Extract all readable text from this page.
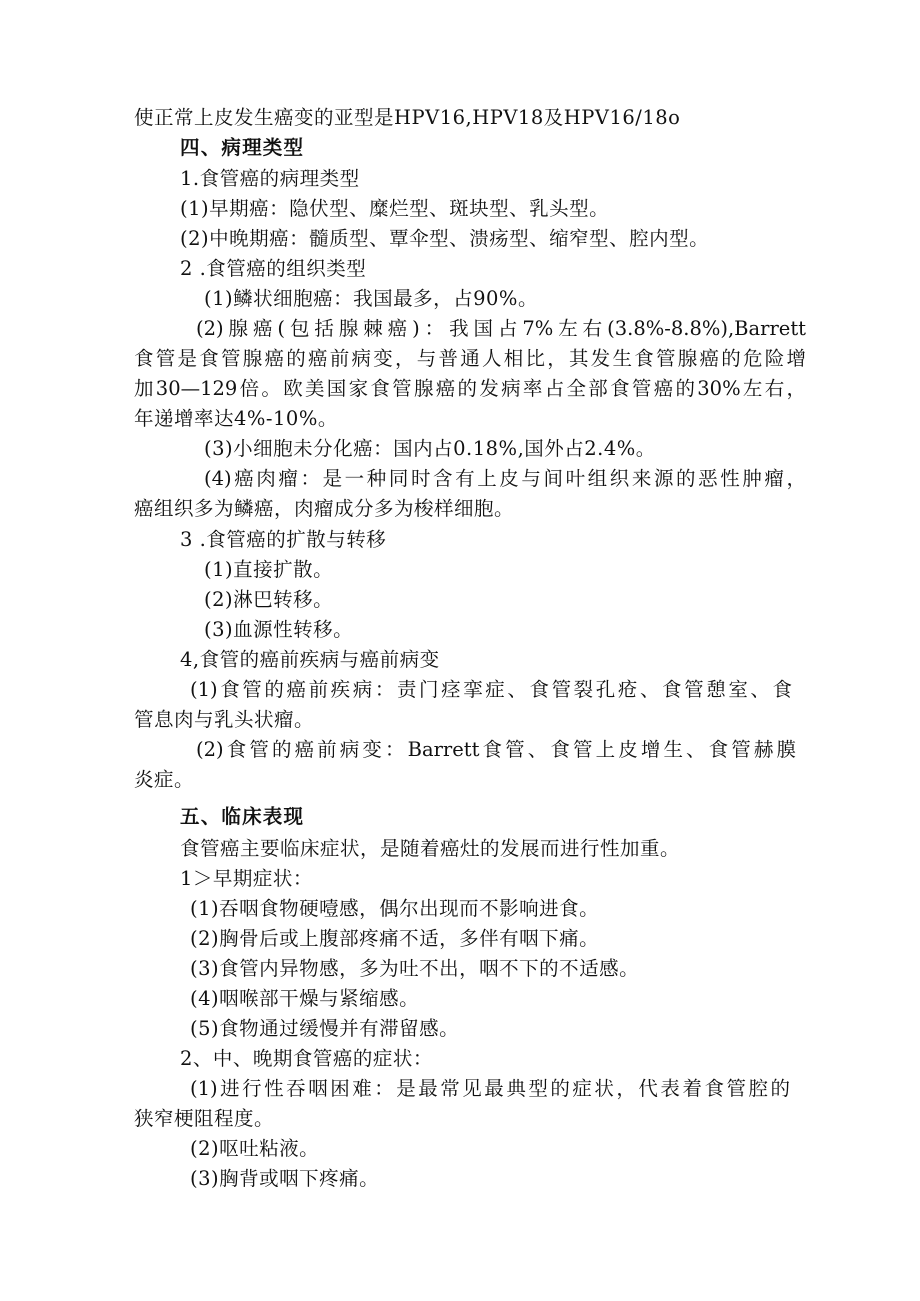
使正常上皮发生癌变的亚型是HPV16,HPV18及HPV16/18o
四、病理类型
1.食管癌的病理类型
(1)早期癌：隐伏型、糜烂型、斑块型、乳头型。
(2)中晚期癌：髓质型、覃伞型、溃疡型、缩窄型、腔内型。
2 .食管癌的组织类型
(1)鳞状细胞癌：我国最多，占90%。
(2)腺癌(包括腺棘癌)：我国占7%左右(3.8%-8.8%),Barrett
食管是食管腺癌的癌前病变，与普通人相比，其发生食管腺癌的危险增
加30—129倍。欧美国家食管腺癌的发病率占全部食管癌的30%左右，
年递增率达4%-10%。
(3)小细胞未分化癌：国内占0.18%,国外占2.4%。
(4)癌肉瘤：是一种同时含有上皮与间叶组织来源的恶性肿瘤，
癌组织多为鳞癌，肉瘤成分多为梭样细胞。
3 .食管癌的扩散与转移
(1)直接扩散。
(2)淋巴转移。
(3)血源性转移。
4,食管的癌前疾病与癌前病变
(1)食管的癌前疾病：责门痉挛症、食管裂孔疮、食管憩室、食
管息肉与乳头状瘤。
(2)食管的癌前病变：Barrett食管、食管上皮增生、食管赫膜
炎症。
五、临床表现
食管癌主要临床症状，是随着癌灶的发展而进行性加重。
1＞早期症状：
(1)吞咽食物硬噎感，偶尔出现而不影响进食。
(2)胸骨后或上腹部疼痛不适，多伴有咽下痛。
(3)食管内异物感，多为吐不出，咽不下的不适感。
(4)咽喉部干燥与紧缩感。
(5)食物通过缓慢并有滞留感。
2、中、晚期食管癌的症状：
(1)进行性吞咽困难：是最常见最典型的症状，代表着食管腔的
狭窄梗阻程度。
(2)呕吐粘液。
(3)胸背或咽下疼痛。
